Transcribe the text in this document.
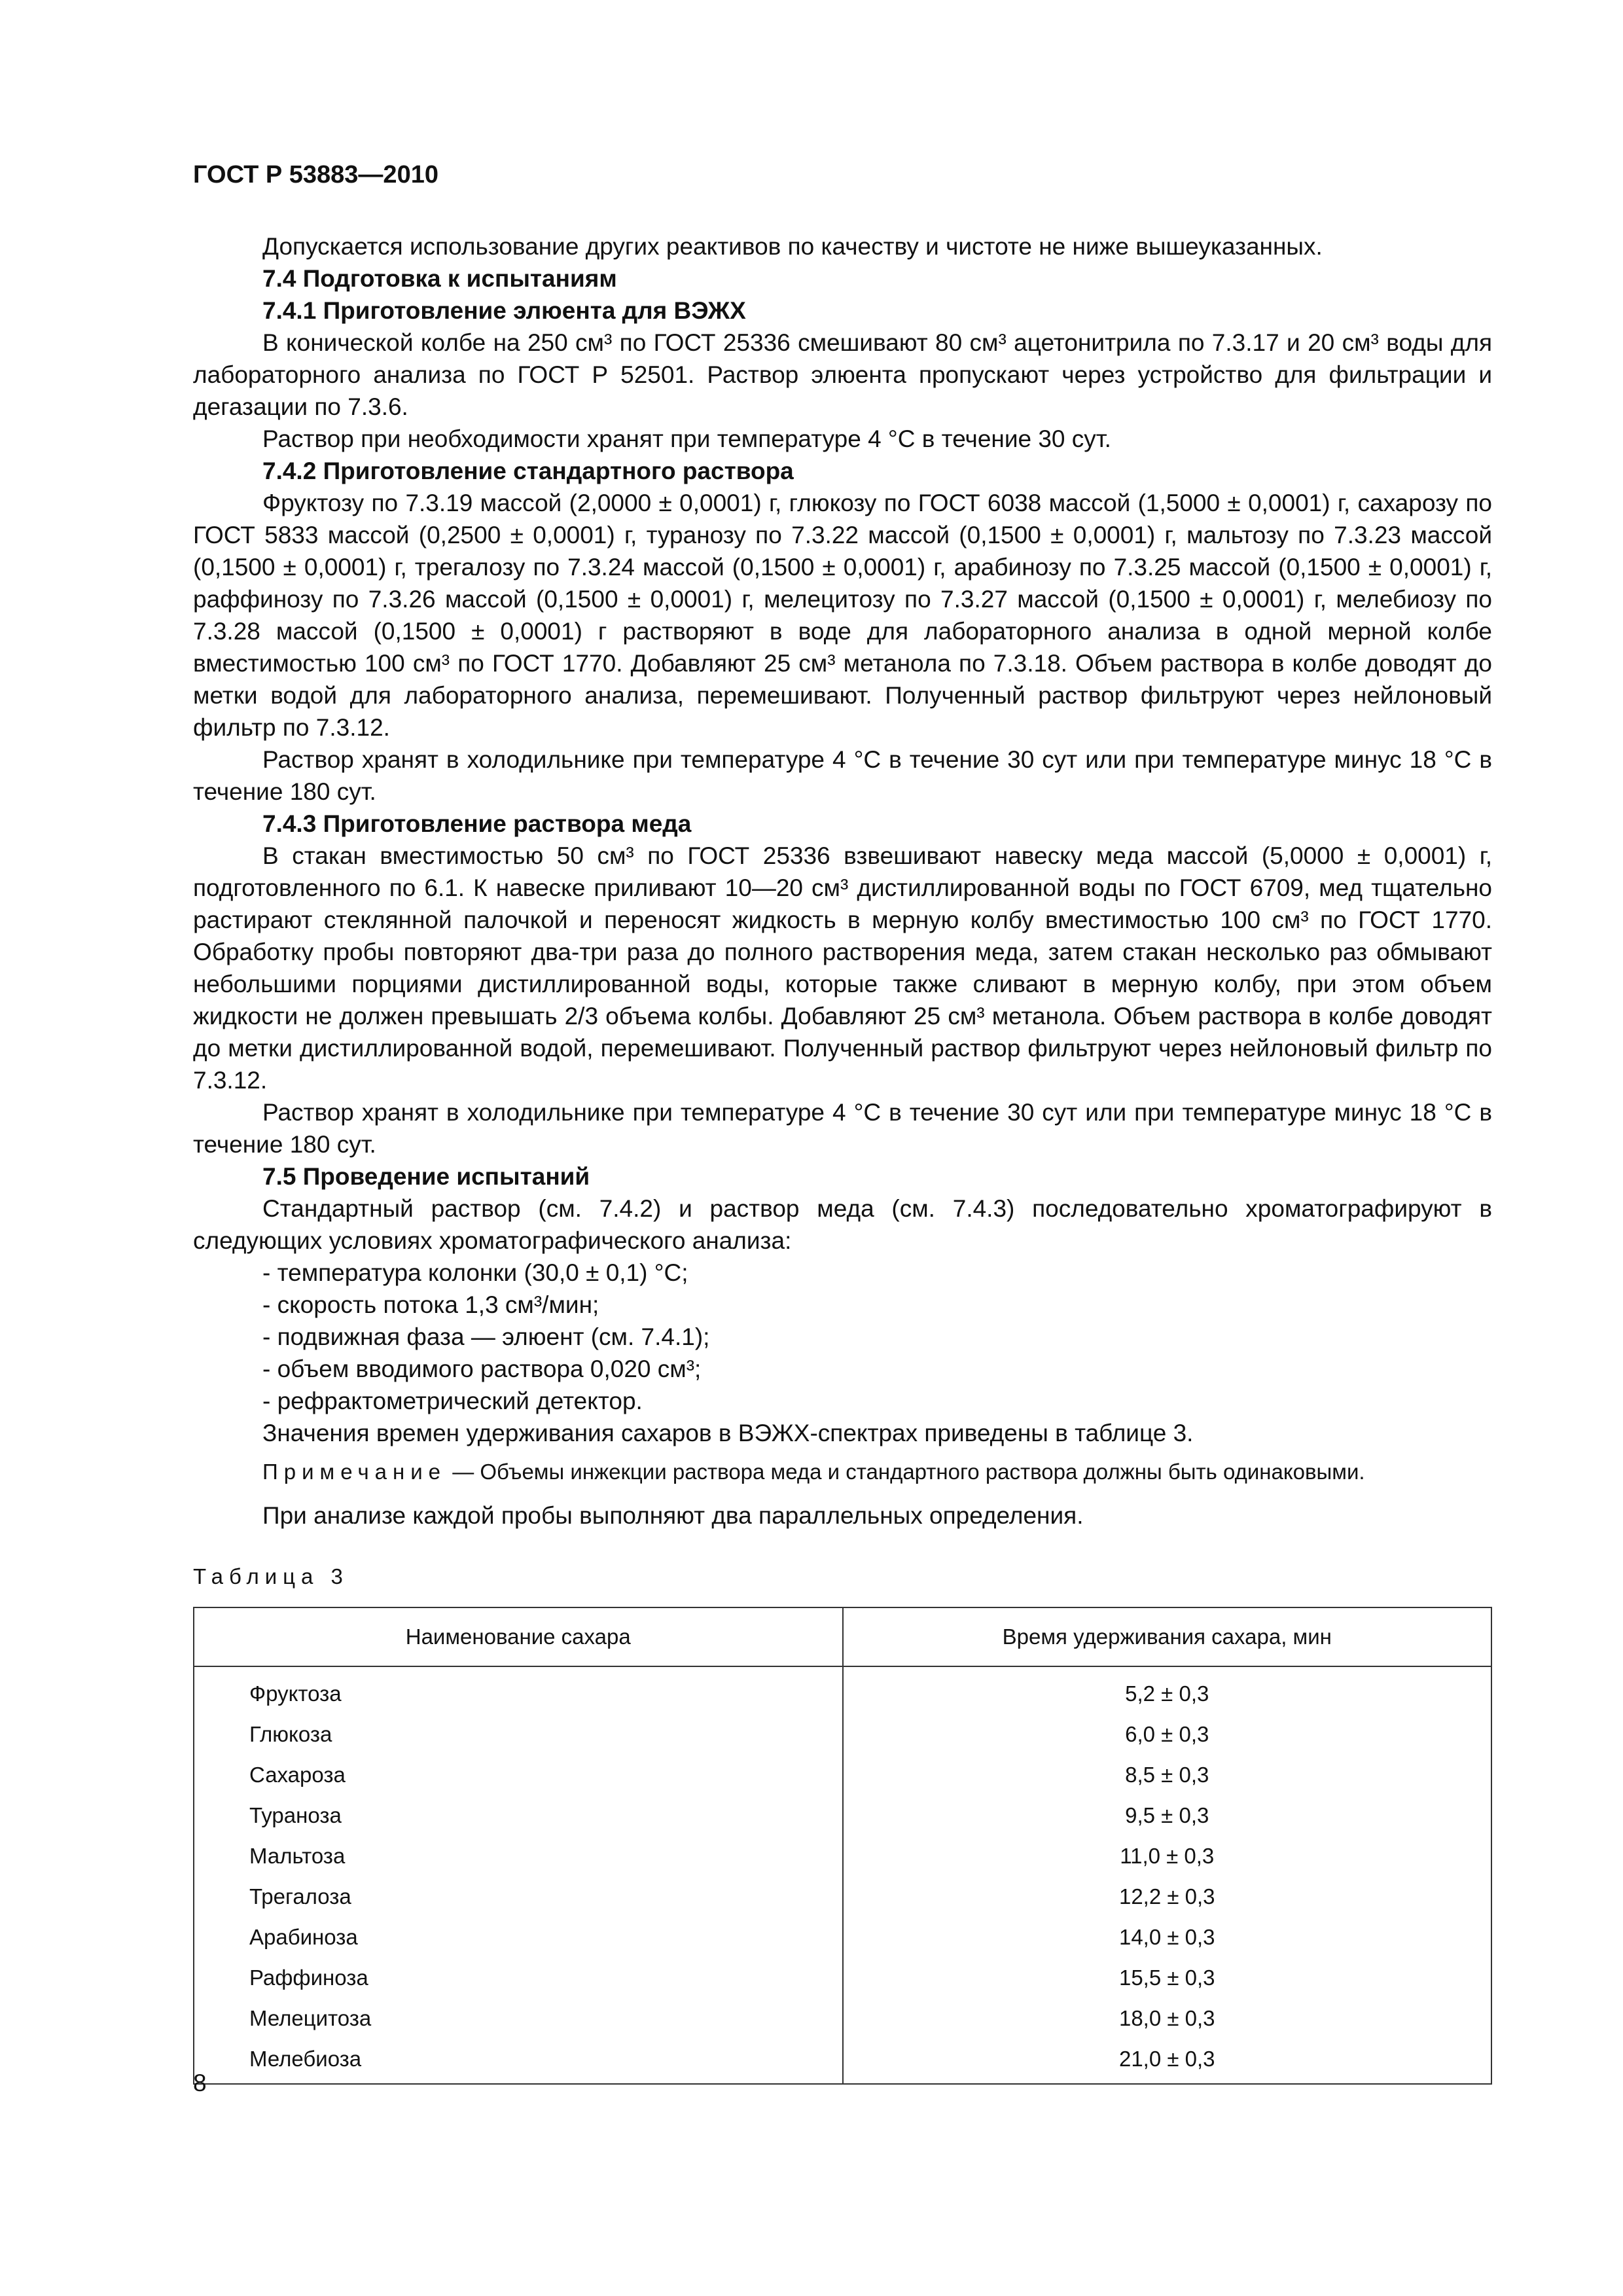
ГОСТ Р 53883—2010

Допускается использование других реактивов по качеству и чистоте не ниже вышеуказанных.

7.4 Подготовка к испытаниям

7.4.1 Приготовление элюента для ВЭЖХ

В конической колбе на 250 см³ по ГОСТ 25336 смешивают 80 см³ ацетонитрила по 7.3.17 и 20 см³ воды для лабораторного анализа по ГОСТ Р 52501. Раствор элюента пропускают через устройство для фильтрации и дегазации по 7.3.6.

Раствор при необходимости хранят при температуре 4 °С в течение 30 сут.

7.4.2 Приготовление стандартного раствора

Фруктозу по 7.3.19 массой (2,0000 ± 0,0001) г, глюкозу по ГОСТ 6038 массой (1,5000 ± 0,0001) г, сахарозу по ГОСТ 5833 массой (0,2500 ± 0,0001) г, туранозу по 7.3.22 массой (0,1500 ± 0,0001) г, мальтозу по 7.3.23 массой (0,1500 ± 0,0001) г, трегалозу по 7.3.24 массой (0,1500 ± 0,0001) г, арабинозу по 7.3.25 массой (0,1500 ± 0,0001) г, раффинозу по 7.3.26 массой (0,1500 ± 0,0001) г, мелецитозу по 7.3.27 массой (0,1500 ± 0,0001) г, мелебиозу по 7.3.28 массой (0,1500 ± 0,0001) г растворяют в воде для лабораторного анализа в одной мерной колбе вместимостью 100 см³ по ГОСТ 1770. Добавляют 25 см³ метанола по 7.3.18. Объем раствора в колбе доводят до метки водой для лабораторного анализа, перемешивают. Полученный раствор фильтруют через нейлоновый фильтр по 7.3.12.

Раствор хранят в холодильнике при температуре 4 °С в течение 30 сут или при температуре минус 18 °С в течение 180 сут.

7.4.3 Приготовление раствора меда

В стакан вместимостью 50 см³ по ГОСТ 25336 взвешивают навеску меда массой (5,0000 ± 0,0001) г, подготовленного по 6.1. К навеске приливают 10—20 см³ дистиллированной воды по ГОСТ 6709, мед тщательно растирают стеклянной палочкой и переносят жидкость в мерную колбу вместимостью 100 см³ по ГОСТ 1770. Обработку пробы повторяют два-три раза до полного растворения меда, затем стакан несколько раз обмывают небольшими порциями дистиллированной воды, которые также сливают в мерную колбу, при этом объем жидкости не должен превышать 2/3 объема колбы. Добавляют 25 см³ метанола. Объем раствора в колбе доводят до метки дистиллированной водой, перемешивают. Полученный раствор фильтруют через нейлоновый фильтр по 7.3.12.

Раствор хранят в холодильнике при температуре 4 °С в течение 30 сут или при температуре минус 18 °С в течение 180 сут.

7.5 Проведение испытаний

Стандартный раствор (см. 7.4.2) и раствор меда (см. 7.4.3) последовательно хроматографируют в следующих условиях хроматографического анализа:

- температура колонки (30,0 ± 0,1) °С;

- скорость потока 1,3 см³/мин;

- подвижная фаза — элюент (см. 7.4.1);

- объем вводимого раствора 0,020 см³;

- рефрактометрический детектор.

Значения времен удерживания сахаров в ВЭЖХ-спектрах приведены в таблице 3.

Примечание — Объемы инжекции раствора меда и стандартного раствора должны быть одинаковыми.

При анализе каждой пробы выполняют два параллельных определения.

Таблица 3

Наименование сахара	Время удерживания сахара, мин
Фруктоза	5,2 ± 0,3
Глюкоза	6,0 ± 0,3
Сахароза	8,5 ± 0,3
Тураноза	9,5 ± 0,3
Мальтоза	11,0 ± 0,3
Трегалоза	12,2 ± 0,3
Арабиноза	14,0 ± 0,3
Раффиноза	15,5 ± 0,3
Мелецитоза	18,0 ± 0,3
Мелебиоза	21,0 ± 0,3

8
